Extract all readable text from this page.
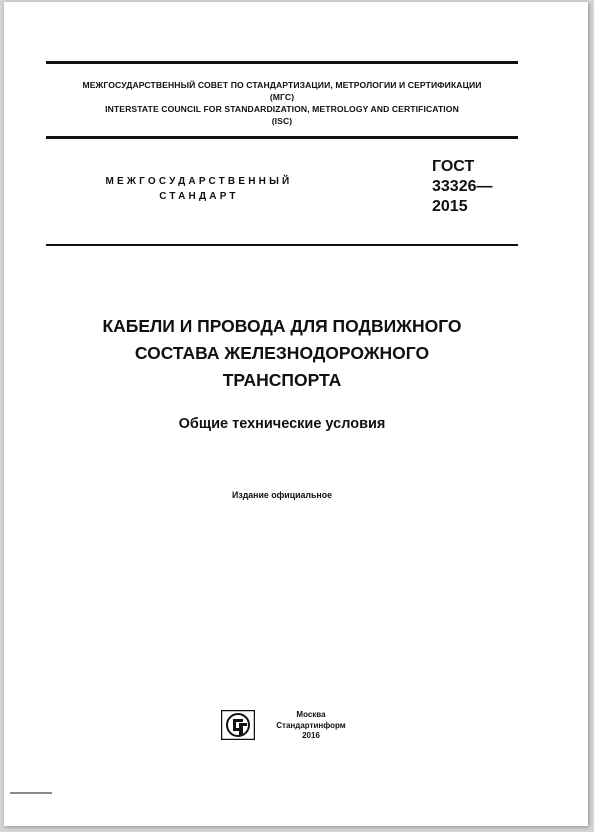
МЕЖГОСУДАРСТВЕННЫЙ СОВЕТ ПО СТАНДАРТИЗАЦИИ, МЕТРОЛОГИИ И СЕРТИФИКАЦИИ
(МГС)
INTERSTATE COUNCIL FOR STANDARDIZATION, METROLOGY AND CERTIFICATION
(ISC)
МЕЖГОСУДАРСТВЕННЫЙ
СТАНДАРТ
ГОСТ
33326—
2015
КАБЕЛИ И ПРОВОДА ДЛЯ ПОДВИЖНОГО
СОСТАВА ЖЕЛЕЗНОДОРОЖНОГО
ТРАНСПОРТА
Общие технические условия
Издание официальное
Москва
Стандартинформ
2016
